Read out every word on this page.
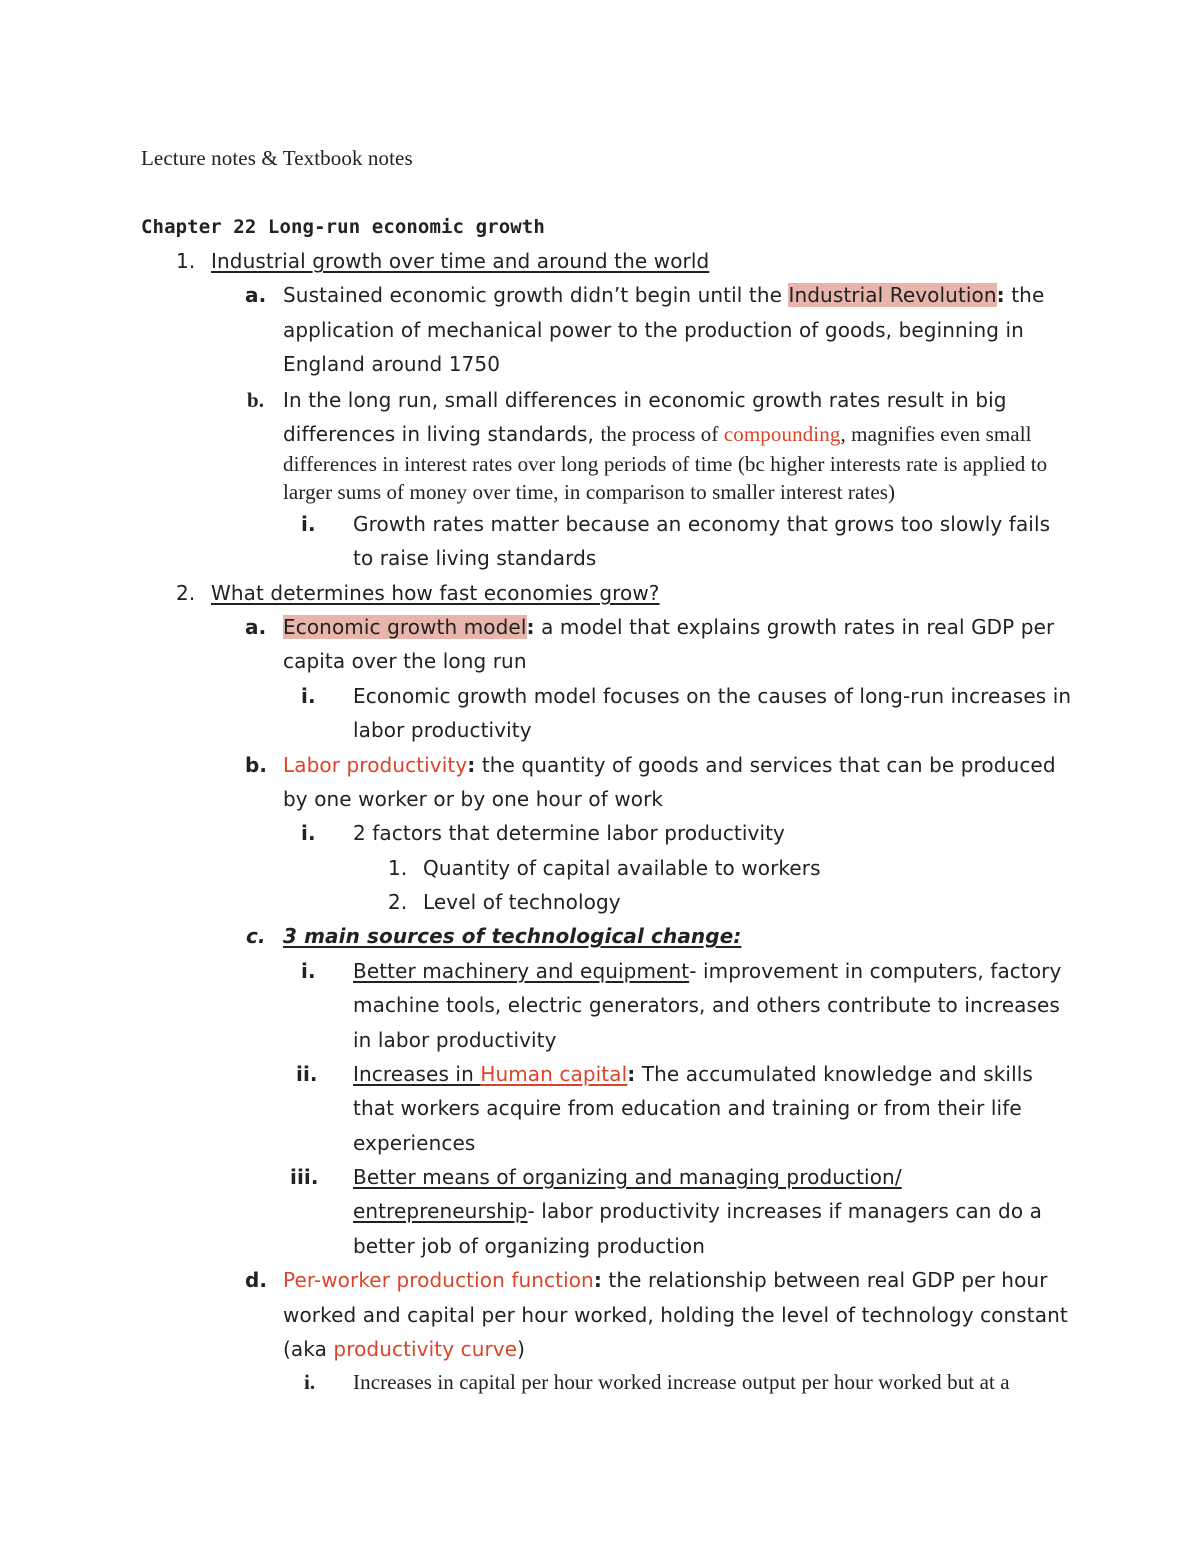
Lecture notes & Textbook notes
Chapter 22 Long-run economic growth
1. Industrial growth over time and around the world
a. Sustained economic growth didn’t begin until the Industrial Revolution: the
application of mechanical power to the production of goods, beginning in
England around 1750
b. In the long run, small differences in economic growth rates result in big
differences in living standards, the process of compounding, magnifies even small
differences in interest rates over long periods of time (bc higher interests rate is applied to
larger sums of money over time, in comparison to smaller interest rates)
i. Growth rates matter because an economy that grows too slowly fails
to raise living standards
2. What determines how fast economies grow?
a. Economic growth model: a model that explains growth rates in real GDP per
capita over the long run
i. Economic growth model focuses on the causes of long-run increases in
labor productivity
b. Labor productivity: the quantity of goods and services that can be produced
by one worker or by one hour of work
i. 2 factors that determine labor productivity
1. Quantity of capital available to workers
2. Level of technology
c. 3 main sources of technological change:
i. Better machinery and equipment- improvement in computers, factory
machine tools, electric generators, and others contribute to increases
in labor productivity
ii. Increases in Human capital: The accumulated knowledge and skills
that workers acquire from education and training or from their life
experiences
iii. Better means of organizing and managing production/
entrepreneurship- labor productivity increases if managers can do a
better job of organizing production
d. Per-worker production function: the relationship between real GDP per hour
worked and capital per hour worked, holding the level of technology constant
(aka productivity curve)
i. Increases in capital per hour worked increase output per hour worked but at a
